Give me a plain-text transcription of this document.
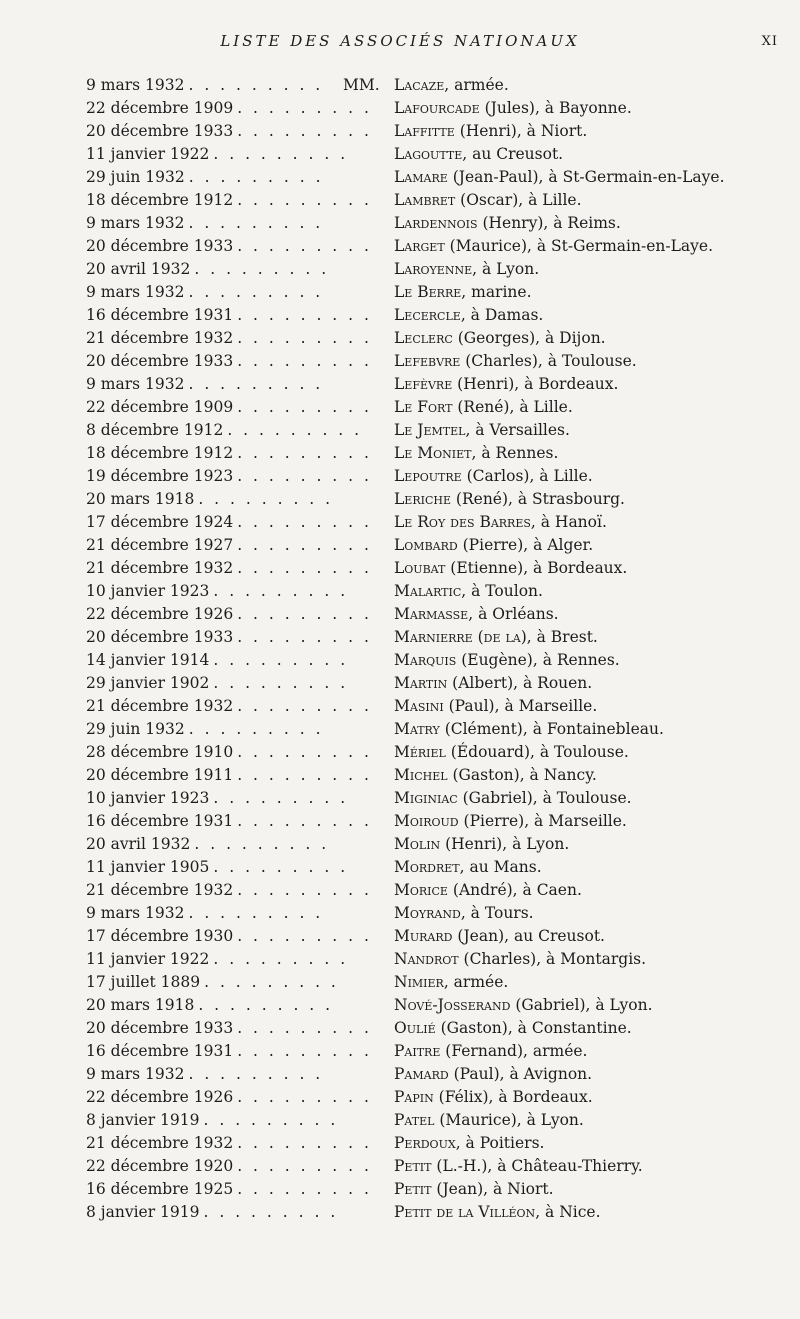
LISTE DES ASSOCIÉS NATIONAUX	XI
9 mars 1932 . . . . . . . . .	MM. Lacaze, armée.
22 décembre 1909 . . . . . . . . . Lafourcade (Jules), à Bayonne.
20 décembre 1933 . . . . . . . . . Laffitte (Henri), à Niort.
11 janvier 1922 . . . . . . . . .	Lagoutte, au Creusot.
29 juin 1932 . . . . . . . . .	Lamare (Jean-Paul), à St-Germain-en-Laye.
18 décembre 1912 . . . . . . . . . Lambret (Oscar), à Lille.
9 mars 1932 . . . . . . . . .	Lardennois (Henry), à Reims.
20 décembre 1933 . . . . . . . . . Larget (Maurice), à St-Germain-en-Laye.
20 avril 1932 . . . . . . . . .	Laroyenne, à Lyon.
9 mars 1932 . . . . . . . . .	Le Berre, marine.
16 décembre 1931 . . . . . . . . . Lecercle, à Damas.
21 décembre 1932 . . . . . . . . . Leclerc (Georges), à Dijon.
20 décembre 1933 . . . . . . . . . Lefebvre (Charles), à Toulouse.
9 mars 1932 . . . . . . . . .	Lefèvre (Henri), à Bordeaux.
22 décembre 1909 . . . . . . . . . Le Fort (René), à Lille.
8 décembre 1912 . . . . . . . . . Le Jemtel, à Versailles.
18 décembre 1912 . . . . . . . . . Le Moniet, à Rennes.
19 décembre 1923 . . . . . . . . . Lepoutre (Carlos), à Lille.
20 mars 1918 . . . . . . . . .	Leriche (René), à Strasbourg.
17 décembre 1924 . . . . . . . . . Le Roy des Barres, à Hanoï.
21 décembre 1927 . . . . . . . . . Lombard (Pierre), à Alger.
21 décembre 1932 . . . . . . . . . Loubat (Etienne), à Bordeaux.
10 janvier 1923 . . . . . . . . .	Malartic, à Toulon.
22 décembre 1926 . . . . . . . . . Marmasse, à Orléans.
20 décembre 1933 . . . . . . . . . Marnierre (de la), à Brest.
14 janvier 1914 . . . . . . . . .	Marquis (Eugène), à Rennes.
29 janvier 1902 . . . . . . . . .	Martin (Albert), à Rouen.
21 décembre 1932 . . . . . . . . . Masini (Paul), à Marseille.
29 juin 1932 . . . . . . . . .	Matry (Clément), à Fontainebleau.
28 décembre 1910 . . . . . . . . . Mériel (Édouard), à Toulouse.
20 décembre 1911 . . . . . . . . . Michel (Gaston), à Nancy.
10 janvier 1923 . . . . . . . . .	Miginiac (Gabriel), à Toulouse.
16 décembre 1931 . . . . . . . . . Moiroud (Pierre), à Marseille.
20 avril 1932 . . . . . . . . .	Molin (Henri), à Lyon.
11 janvier 1905 . . . . . . . . .	Mordret, au Mans.
21 décembre 1932 . . . . . . . . . Morice (André), à Caen.
9 mars 1932 . . . . . . . . .	Moyrand, à Tours.
17 décembre 1930 . . . . . . . . . Murard (Jean), au Creusot.
11 janvier 1922 . . . . . . . . .	Nandrot (Charles), à Montargis.
17 juillet 1889 . . . . . . . . .	Nimier, armée.
20 mars 1918 . . . . . . . . .	Nové-Josserand (Gabriel), à Lyon.
20 décembre 1933 . . . . . . . . . Oulié (Gaston), à Constantine.
16 décembre 1931 . . . . . . . . . Paitre (Fernand), armée.
9 mars 1932 . . . . . . . . .	Pamard (Paul), à Avignon.
22 décembre 1926 . . . . . . . . . Papin (Félix), à Bordeaux.
8 janvier 1919 . . . . . . . . .	Patel (Maurice), à Lyon.
21 décembre 1932 . . . . . . . . . Perdoux, à Poitiers.
22 décembre 1920 . . . . . . . . . Petit (L.-H.), à Château-Thierry.
16 décembre 1925 . . . . . . . . . Petit (Jean), à Niort.
8 janvier 1919 . . . . . . . . .	Petit de la Villéon, à Nice.
